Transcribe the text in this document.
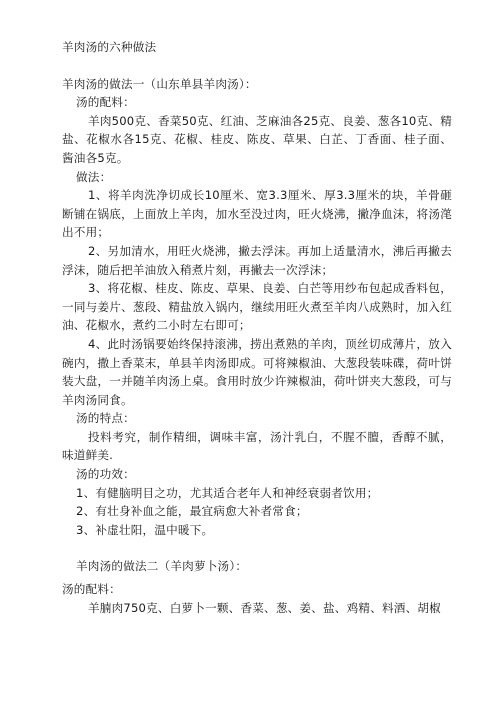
羊肉汤的六种做法

羊肉汤的做法一（山东单县羊肉汤）：

汤的配料：

羊肉500克、香菜50克、红油、芝麻油各25克、良姜、葱各10克、精盐、花椒水各15克、花椒、桂皮、陈皮、草果、白芷、丁香面、桂子面、酱油各5克。

做法：

1、将羊肉洗净切成长10厘米、宽3.3厘米、厚3.3厘米的块，羊骨砸断铺在锅底，上面放上羊肉，加水至没过肉，旺火烧沸，撇净血沫，将汤滗出不用；

2、另加清水，用旺火烧沸，撇去浮沫。再加上适量清水，沸后再撇去浮沫，随后把羊油放入稍煮片刻，再撇去一次浮沫；

3、将花椒、桂皮、陈皮、草果、良姜、白芒等用纱布包起成香料包，一同与姜片、葱段、精盐放入锅内，继续用旺火煮至羊肉八成熟时，加入红油、花椒水，煮约二小时左右即可；

4、此时汤锅要始终保持滚沸，捞出煮熟的羊肉，顶丝切成薄片，放入碗内，撒上香菜末，单县羊肉汤即成。可将辣椒油、大葱段装味碟，荷叶饼装大盘，一并随羊肉汤上桌。食用时放少许辣椒油，荷叶饼夹大葱段，可与羊肉汤同食。

汤的特点：

投料考究，制作精细，调味丰富，汤汁乳白，不腥不膻，香醇不腻，味道鲜美.

汤的功效：

1、有健脑明目之功，尤其适合老年人和神经衰弱者饮用；

2、有壮身补血之能，最宜病愈大补者常食；

3、补虚壮阳，温中暖下。

羊肉汤的做法二（羊肉萝卜汤）：

汤的配料：

羊腩肉750克、白萝卜一颗、香菜、葱、姜、盐、鸡精、料酒、胡椒
